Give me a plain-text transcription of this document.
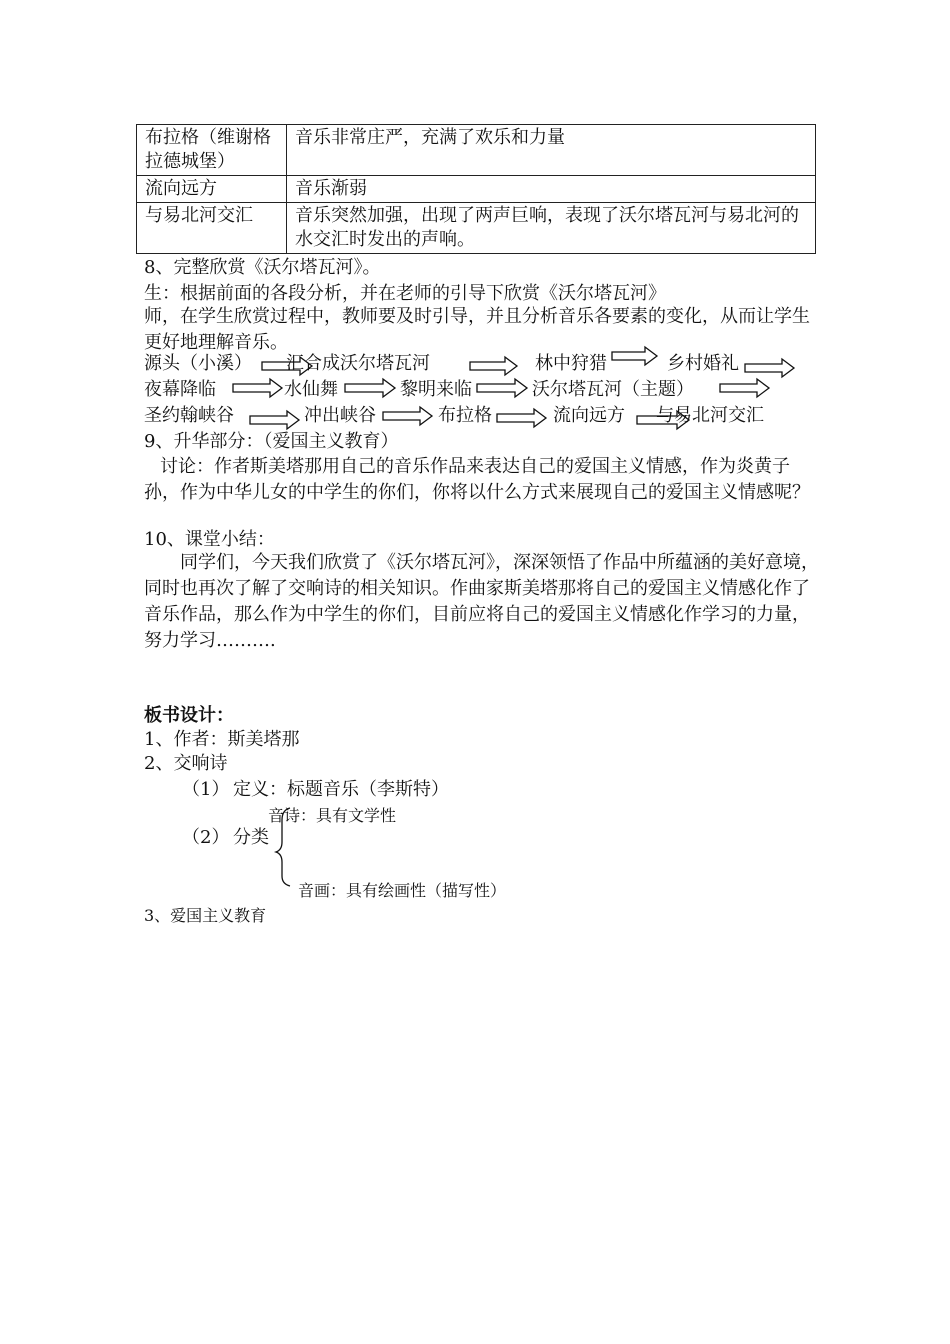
布拉格（维谢格拉德城堡）	音乐非常庄严，充满了欢乐和力量
流向远方	音乐渐弱
与易北河交汇	音乐突然加强，出现了两声巨响，表现了沃尔塔瓦河与易北河的水交汇时发出的声响。
8、完整欣赏《沃尔塔瓦河》。
生：根据前面的各段分析，并在老师的引导下欣赏《沃尔塔瓦河》
师，在学生欣赏过程中，教师要及时引导，并且分析音乐各要素的变化，从而让学生更好地理解音乐。
源头（小溪） 汇合成沃尔塔瓦河	林中狩猎	乡村婚礼
夜幕降临	水仙舞	黎明来临	沃尔塔瓦河（主题）
圣约翰峡谷	冲出峡谷	布拉格	流向远方 与易北河交汇
9、升华部分：（爱国主义教育）
讨论：作者斯美塔那用自己的音乐作品来表达自己的爱国主义情感，作为炎黄子孙，作为中华儿女的中学生的你们，你将以什么方式来展现自己的爱国主义情感呢？
10、课堂小结：
同学们，今天我们欣赏了《沃尔塔瓦河》，深深领悟了作品中所蕴涵的美好意境，同时也再次了解了交响诗的相关知识。作曲家斯美塔那将自己的爱国主义情感化作了音乐作品，那么作为中学生的你们，目前应将自己的爱国主义情感化作学习的力量，努力学习……….
板书设计：
1、作者：斯美塔那
2、交响诗
（1） 定义：标题音乐（李斯特）
音诗：具有文学性
（2） 分类
音画：具有绘画性（描写性）
3、爱国主义教育
